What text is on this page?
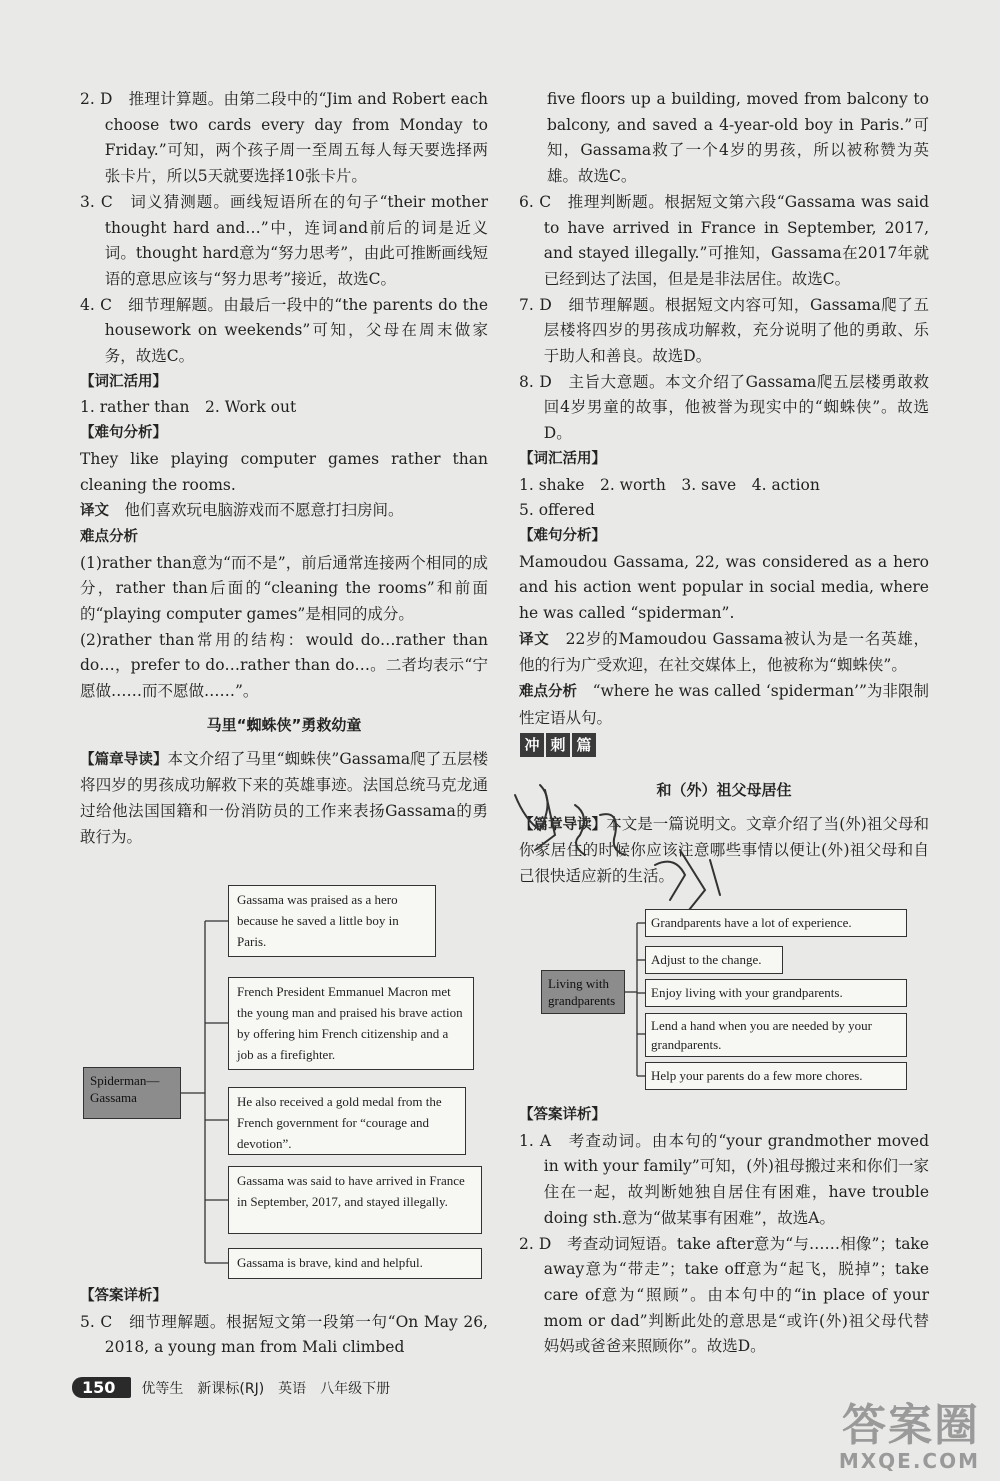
2. D　推理计算题。由第二段中的“Jim and Robert each choose two cards every day from Monday to Friday.”可知，两个孩子周一至周五每人每天要选择两张卡片，所以5天就要选择10张卡片。

3. C　词义猜测题。画线短语所在的句子“their mother thought hard and…”中，连词and前后的词是近义词。thought hard意为“努力思考”，由此可推断画线短语的意思应该与“努力思考”接近，故选C。

4. C　细节理解题。由最后一段中的“the parents do the housework on weekends”可知，父母在周末做家务，故选C。

【词汇活用】

1. rather than　2. Work out

【难句分析】

They like playing computer games rather than cleaning the rooms.

译文　 他们喜欢玩电脑游戏而不愿意打扫房间。

难点分析

(1)rather than意为“而不是”，前后通常连接两个相同的成分，rather than后面的“cleaning the rooms”和前面的“playing computer games”是相同的成分。

(2)rather than常用的结构：would do…rather than do…，prefer to do…rather than do…。二者均表示“宁愿做……而不愿做……”。

马里“蜘蛛侠”勇救幼童

【篇章导读】本文介绍了马里“蜘蛛侠”Gassama爬了五层楼将四岁的男孩成功解救下来的英雄事迹。法国总统马克龙通过给他法国国籍和一份消防员的工作来表扬Gassama的勇敢行为。

Spiderman—Gassama
Gassama was praised as a hero because he saved a little boy in Paris.
French President Emmanuel Macron met the young man and praised his brave action by offering him French citizenship and a job as a firefighter.
He also received a gold medal from the French government for “courage and devotion”.
Gassama was said to have arrived in France in September, 2017, and stayed illegally.
Gassama is brave, kind and helpful.

【答案详析】

5. C　细节理解题。根据短文第一段第一句“On May 26, 2018, a young man from Mali climbed

five floors up a building, moved from balcony to balcony, and saved a 4-year-old boy in Paris.”可知，Gassama救了一个4岁的男孩，所以被称赞为英雄。故选C。

6. C　推理判断题。根据短文第六段“Gassama was said to have arrived in France in September, 2017, and stayed illegally.”可推知，Gassama在2017年就已经到达了法国，但是是非法居住。故选C。

7. D　细节理解题。根据短文内容可知，Gassama爬了五层楼将四岁的男孩成功解救，充分说明了他的勇敢、乐于助人和善良。故选D。

8. D　主旨大意题。本文介绍了Gassama爬五层楼勇敢救回4岁男童的故事，他被誉为现实中的“蜘蛛侠”。故选D。

【词汇活用】

1. shake　2. worth　3. save　4. action

5. offered

【难句分析】

Mamoudou Gassama, 22, was considered as a hero and his action went popular in social media, where he was called “spiderman”.

译文　 22岁的Mamoudou Gassama被认为是一名英雄，他的行为广受欢迎，在社交媒体上，他被称为“蜘蛛侠”。

难点分析　 “where he was called ‘spiderman’”为非限制性定语从句。

冲 刺 篇

和（外）祖父母居住

【篇章导读】本文是一篇说明文。文章介绍了当(外)祖父母和你家居住的时候你应该注意哪些事情以便让(外)祖父母和自己很快适应新的生活。

Living with grandparents
Grandparents have a lot of experience.
Adjust to the change.
Enjoy living with your grandparents.
Lend a hand when you are needed by your grandparents.
Help your parents do a few more chores.

【答案详析】

1. A　考查动词。由本句的“your grandmother moved in with your family”可知，(外)祖母搬过来和你们一家住在一起，故判断她独自居住有困难，have trouble doing sth.意为“做某事有困难”，故选A。

2. D　考查动词短语。take after意为“与……相像”；take away意为“带走”；take off意为“起飞，脱掉”；take care of意为“照顾”。由本句中的“in place of your mom or dad”判断此处的意思是“或许(外)祖父母代替妈妈或爸爸来照顾你”。故选D。

150	优等生　新课标(RJ)　英语　八年级下册
答案圈
MXQE.COM
